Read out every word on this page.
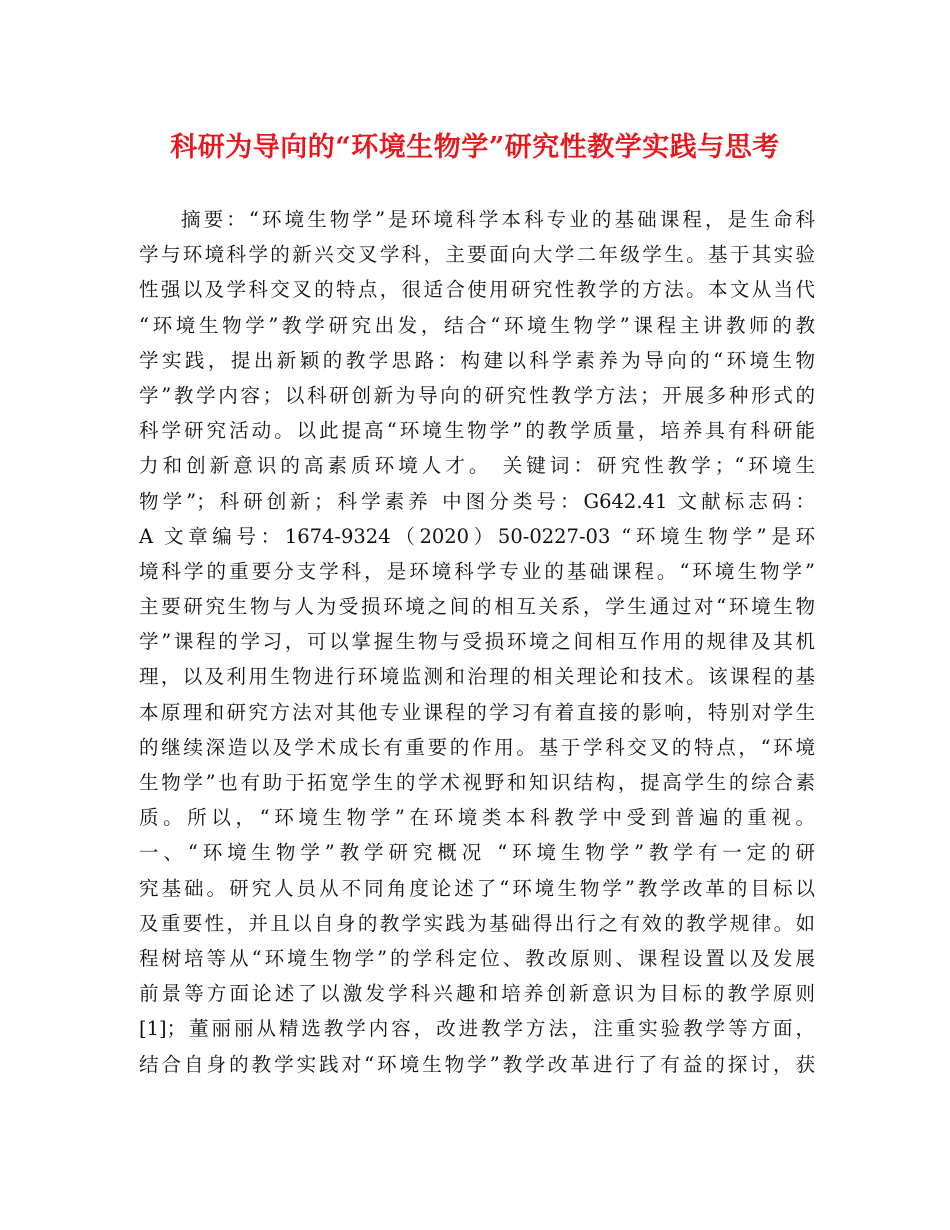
科研为导向的“环境生物学”研究性教学实践与思考
摘要：“环境生物学”是环境科学本科专业的基础课程，是生命科
学与环境科学的新兴交叉学科，主要面向大学二年级学生。基于其实验
性强以及学科交叉的特点，很适合使用研究性教学的方法。本文从当代
“环境生物学”教学研究出发，结合“环境生物学”课程主讲教师的教
学实践，提出新颖的教学思路：构建以科学素养为导向的“环境生物
学”教学内容；以科研创新为导向的研究性教学方法；开展多种形式的
科学研究活动。以此提高“环境生物学”的教学质量，培养具有科研能
力和创新意识的高素质环境人才。 关键词：研究性教学；“环境生
物学”；科研创新；科学素养 中图分类号：G642.41 文献标志码：
A 文章编号：1674-9324（2020）50-0227-03 “环境生物学”是环
境科学的重要分支学科，是环境科学专业的基础课程。“环境生物学”
主要研究生物与人为受损环境之间的相互关系，学生通过对“环境生物
学”课程的学习，可以掌握生物与受损环境之间相互作用的规律及其机
理，以及利用生物进行环境监测和治理的相关理论和技术。该课程的基
本原理和研究方法对其他专业课程的学习有着直接的影响，特别对学生
的继续深造以及学术成长有重要的作用。基于学科交叉的特点，“环境
生物学”也有助于拓宽学生的学术视野和知识结构，提高学生的综合素
质。所以，“环境生物学”在环境类本科教学中受到普遍的重视。
一、“环境生物学”教学研究概况 “环境生物学”教学有一定的研
究基础。研究人员从不同角度论述了“环境生物学”教学改革的目标以
及重要性，并且以自身的教学实践为基础得出行之有效的教学规律。如
程树培等从“环境生物学”的学科定位、教改原则、课程设置以及发展
前景等方面论述了以激发学科兴趣和培养创新意识为目标的教学原则
[1]；董丽丽从精选教学内容，改进教学方法，注重实验教学等方面，
结合自身的教学实践对“环境生物学”教学改革进行了有益的探讨，获
